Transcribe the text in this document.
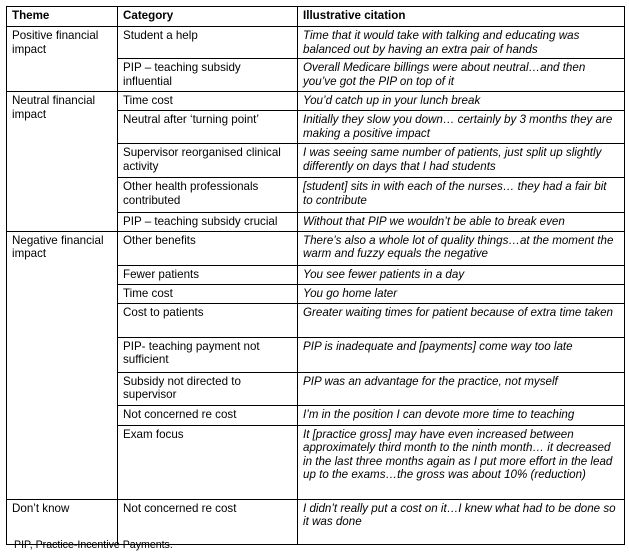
Theme	Category	Illustrative citation
Positive financial impact	Student a help	Time that it would take with talking and educating was balanced out by having an extra pair of hands
	PIP – teaching subsidy influential	Overall Medicare billings were about neutral…and then you’ve got the PIP on top of it
Neutral financial impact	Time cost	You’d catch up in your lunch break
	Neutral after ‘turning point’	Initially they slow you down… certainly by 3 months they are making a positive impact
	Supervisor reorganised clinical activity	I was seeing same number of patients, just split up slightly differently on days that I had students
	Other health professionals contributed	[student] sits in with each of the nurses… they had a fair bit to contribute
	PIP – teaching subsidy crucial	Without that PIP we wouldn’t be able to break even
Negative financial impact	Other benefits	There’s also a whole lot of quality things…at the moment the warm and fuzzy equals the negative
	Fewer patients	You see fewer patients in a day
	Time cost	You go home later
	Cost to patients	Greater waiting times for patient because of extra time taken
	PIP- teaching payment not sufficient	PIP is inadequate and [payments] come way too late
	Subsidy not directed to supervisor	PIP was an advantage for the practice, not myself
	Not concerned re cost	I’m in the position I can devote more time to teaching
	Exam focus	It [practice gross] may have even increased between approximately third month to the ninth month… it decreased in the last three months again as I put more effort in the lead up to the exams…the gross was about 10% (reduction)
Don’t know	Not concerned re cost	I didn’t really put a cost on it…I knew what had to be done so it was done
PIP, Practice-Incentive Payments.
